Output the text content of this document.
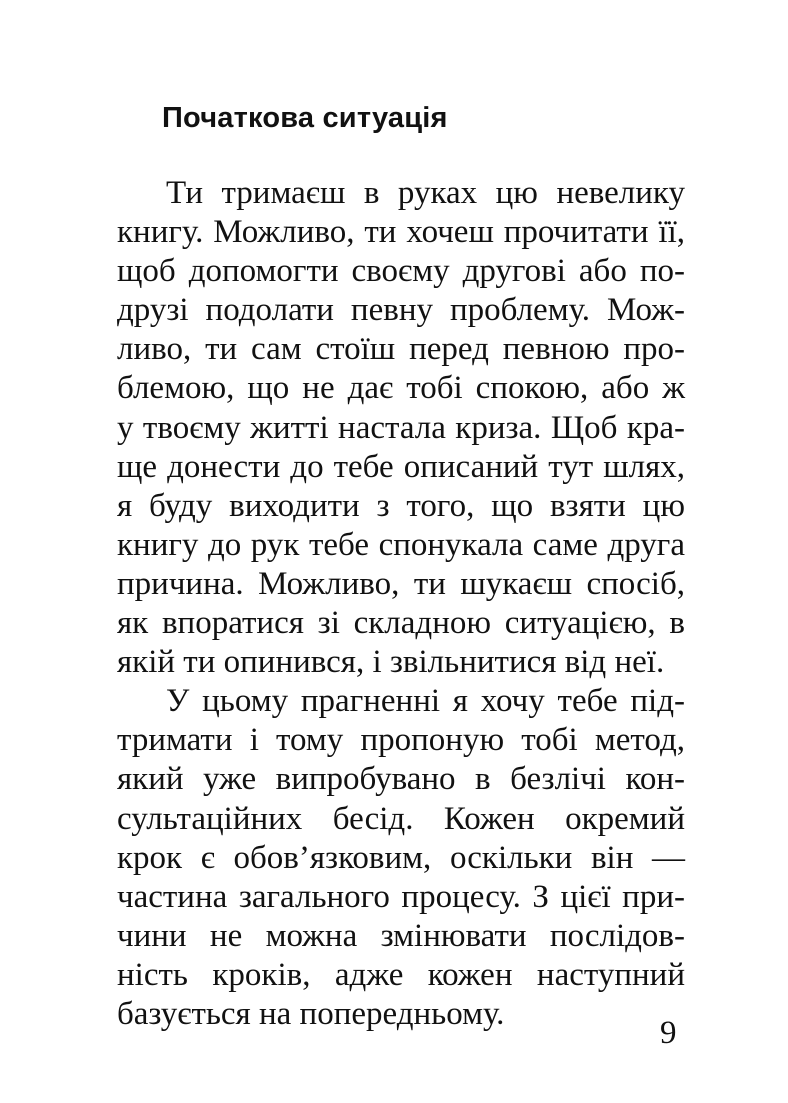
Початкова ситуація
Ти тримаєш в руках цю невелику
книгу. Можливо, ти хочеш прочитати її,
щоб допомогти своєму другові або по-
друзі подолати певну проблему. Мож-
ливо, ти сам стоїш перед певною про-
блемою, що не дає тобі спокою, або ж
у твоєму житті настала криза. Щоб кра-
ще донести до тебе описаний тут шлях,
я буду виходити з того, що взяти цю
книгу до рук тебе спонукала саме друга
причина. Можливо, ти шукаєш спосіб,
як впоратися зі складною ситуацією, в
якій ти опинився, і звільнитися від неї.
У цьому прагненні я хочу тебе під-
тримати і тому пропоную тобі метод,
який уже випробувано в безлічі кон-
сультаційних бесід. Кожен окремий
крок є обов’язковим, оскільки він —
частина загального процесу. З цієї при-
чини не можна змінювати послідов-
ність кроків, адже кожен наступний
базується на попередньому.
9
